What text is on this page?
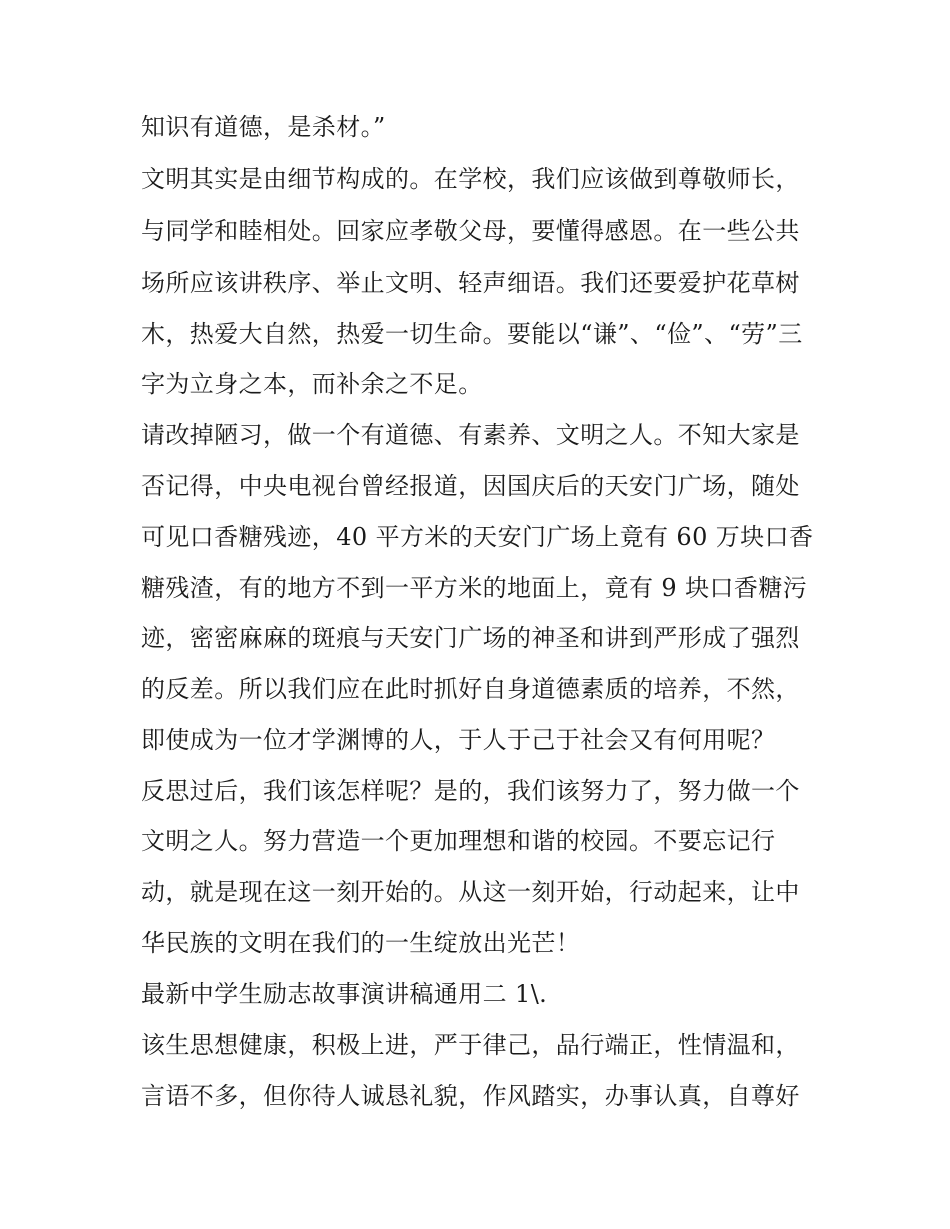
知识有道德，是杀材。”
文明其实是由细节构成的。在学校，我们应该做到尊敬师长，
与同学和睦相处。回家应孝敬父母，要懂得感恩。在一些公共
场所应该讲秩序、举止文明、轻声细语。我们还要爱护花草树
木，热爱大自然，热爱一切生命。要能以“谦”、“俭”、“劳”三
字为立身之本，而补余之不足。
请改掉陋习，做一个有道德、有素养、文明之人。不知大家是
否记得，中央电视台曾经报道，因国庆后的天安门广场，随处
可见口香糖残迹，40 平方米的天安门广场上竟有 60 万块口香
糖残渣，有的地方不到一平方米的地面上，竟有 9 块口香糖污
迹，密密麻麻的斑痕与天安门广场的神圣和讲到严形成了强烈
的反差。所以我们应在此时抓好自身道德素质的培养，不然，
即使成为一位才学渊博的人，于人于己于社会又有何用呢？
反思过后，我们该怎样呢？是的，我们该努力了，努力做一个
文明之人。努力营造一个更加理想和谐的校园。不要忘记行
动，就是现在这一刻开始的。从这一刻开始，行动起来，让中
华民族的文明在我们的一生绽放出光芒！
最新中学生励志故事演讲稿通用二 1\.
该生思想健康，积极上进，严于律己，品行端正，性情温和，
言语不多，但你待人诚恳礼貌，作风踏实，办事认真，自尊好
